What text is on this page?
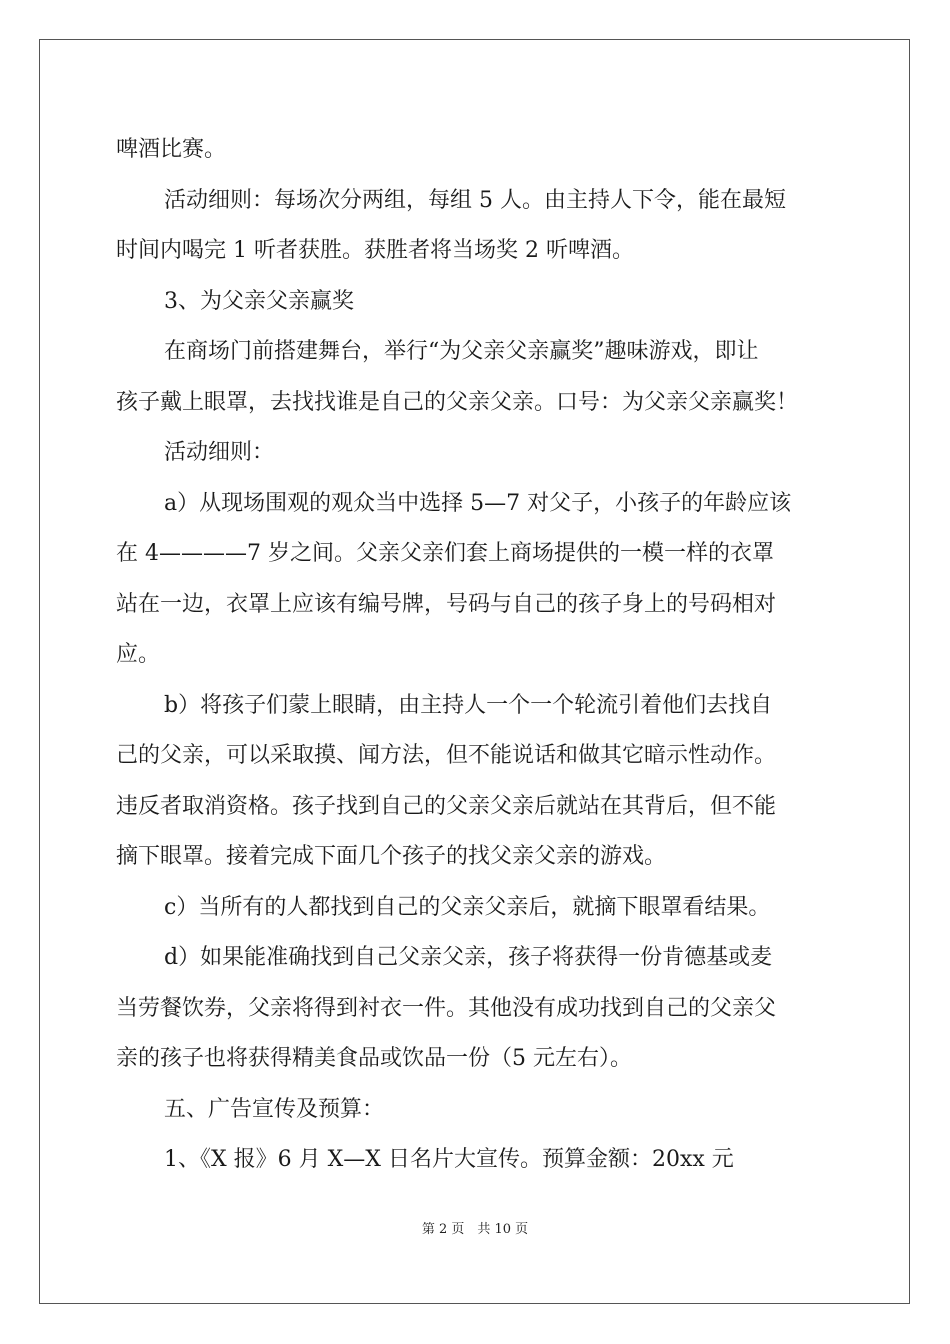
啤酒比赛。
活动细则：每场次分两组，每组 5 人。由主持人下令，能在最短
时间内喝完 1 听者获胜。获胜者将当场奖 2 听啤酒。
3、为父亲父亲赢奖
在商场门前搭建舞台，举行“为父亲父亲赢奖”趣味游戏，即让
孩子戴上眼罩，去找找谁是自己的父亲父亲。口号：为父亲父亲赢奖！
活动细则：
a）从现场围观的观众当中选择 5—7 对父子，小孩子的年龄应该
在 4————7 岁之间。父亲父亲们套上商场提供的一模一样的衣罩
站在一边，衣罩上应该有编号牌，号码与自己的孩子身上的号码相对
应。
b）将孩子们蒙上眼睛，由主持人一个一个轮流引着他们去找自
己的父亲，可以采取摸、闻方法，但不能说话和做其它暗示性动作。
违反者取消资格。孩子找到自己的父亲父亲后就站在其背后，但不能
摘下眼罩。接着完成下面几个孩子的找父亲父亲的游戏。
c）当所有的人都找到自己的父亲父亲后，就摘下眼罩看结果。
d）如果能准确找到自己父亲父亲，孩子将获得一份肯德基或麦
当劳餐饮券，父亲将得到衬衣一件。其他没有成功找到自己的父亲父
亲的孩子也将获得精美食品或饮品一份（5 元左右）。
五、广告宣传及预算：
1、《X 报》6 月 X—X 日名片大宣传。预算金额：20xx 元
第 2 页　共 10 页
